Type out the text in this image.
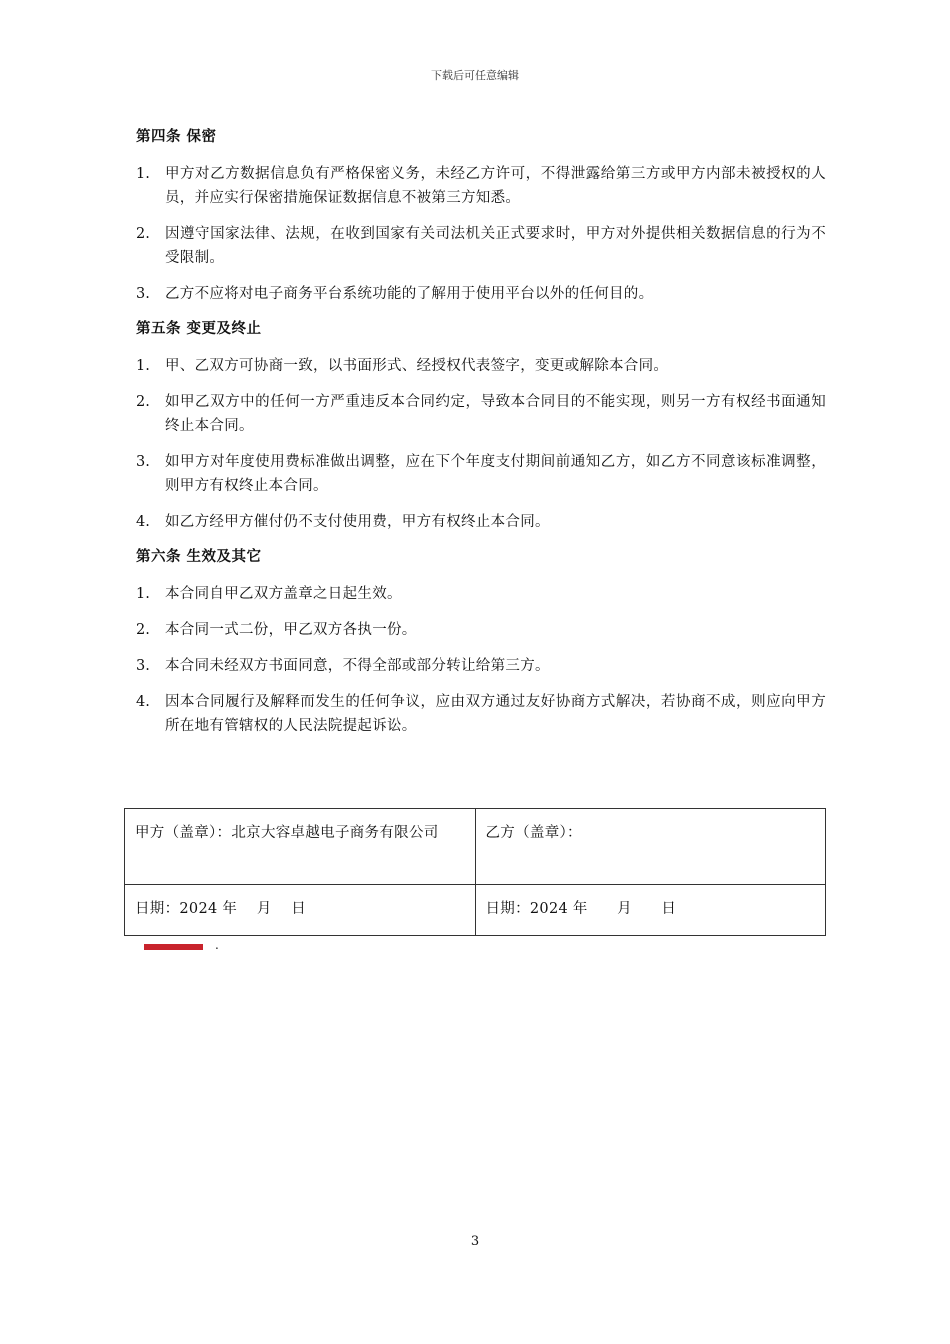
下载后可任意编辑
第四条 保密
1.	甲方对乙方数据信息负有严格保密义务，未经乙方许可，不得泄露给第三方或甲方内部未被授权的人员，并应实行保密措施保证数据信息不被第三方知悉。
2.	因遵守国家法律、法规，在收到国家有关司法机关正式要求时，甲方对外提供相关数据信息的行为不受限制。
3.	乙方不应将对电子商务平台系统功能的了解用于使用平台以外的任何目的。
第五条 变更及终止
1.	甲、乙双方可协商一致，以书面形式、经授权代表签字，变更或解除本合同。
2.	如甲乙双方中的任何一方严重违反本合同约定，导致本合同目的不能实现，则另一方有权经书面通知终止本合同。
3.	如甲方对年度使用费标准做出调整，应在下个年度支付期间前通知乙方，如乙方不同意该标准调整，则甲方有权终止本合同。
4.	如乙方经甲方催付仍不支付使用费，甲方有权终止本合同。
第六条 生效及其它
1.	本合同自甲乙双方盖章之日起生效。
2.	本合同一式二份，甲乙双方各执一份。
3.	本合同未经双方书面同意，不得全部或部分转让给第三方。
4.	因本合同履行及解释而发生的任何争议，应由双方通过友好协商方式解决，若协商不成，则应向甲方所在地有管辖权的人民法院提起诉讼。
甲方（盖章）：北京大容卓越电子商务有限公司	乙方（盖章）：
日期：2024 年    月    日	日期：2024 年      月      日
.
3
